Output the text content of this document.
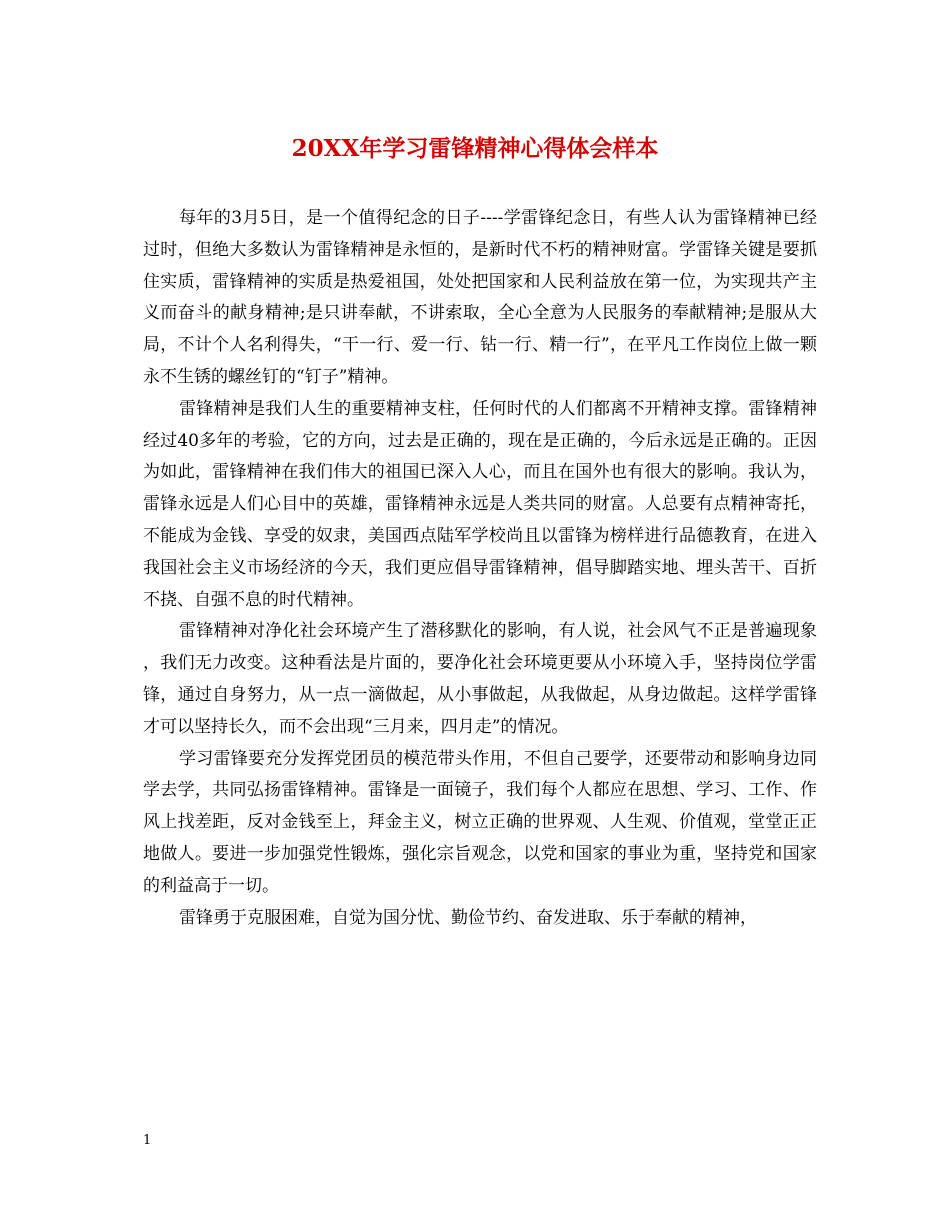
20XX年学习雷锋精神心得体会样本

每年的3月5日，是一个值得纪念的日子----学雷锋纪念日，有些人认为雷锋精神已经过时，但绝大多数认为雷锋精神是永恒的，是新时代不朽的精神财富。学雷锋关键是要抓住实质，雷锋精神的实质是热爱祖国，处处把国家和人民利益放在第一位，为实现共产主义而奋斗的献身精神;是只讲奉献，不讲索取，全心全意为人民服务的奉献精神;是服从大局，不计个人名利得失，“干一行、爱一行、钻一行、精一行”，在平凡工作岗位上做一颗永不生锈的螺丝钉的“钉子”精神。

雷锋精神是我们人生的重要精神支柱，任何时代的人们都离不开精神支撑。雷锋精神经过40多年的考验，它的方向，过去是正确的，现在是正确的，今后永远是正确的。正因为如此，雷锋精神在我们伟大的祖国已深入人心，而且在国外也有很大的影响。我认为，雷锋永远是人们心目中的英雄，雷锋精神永远是人类共同的财富。人总要有点精神寄托，不能成为金钱、享受的奴隶，美国西点陆军学校尚且以雷锋为榜样进行品德教育，在进入我国社会主义市场经济的今天，我们更应倡导雷锋精神，倡导脚踏实地、埋头苦干、百折不挠、自强不息的时代精神。

雷锋精神对净化社会环境产生了潜移默化的影响，有人说，社会风气不正是普遍现象，我们无力改变。这种看法是片面的，要净化社会环境更要从小环境入手，坚持岗位学雷锋，通过自身努力，从一点一滴做起，从小事做起，从我做起，从身边做起。这样学雷锋才可以坚持长久，而不会出现“三月来，四月走”的情况。

学习雷锋要充分发挥党团员的模范带头作用，不但自己要学，还要带动和影响身边同学去学，共同弘扬雷锋精神。雷锋是一面镜子，我们每个人都应在思想、学习、工作、作风上找差距，反对金钱至上，拜金主义，树立正确的世界观、人生观、价值观，堂堂正正地做人。要进一步加强党性锻炼，强化宗旨观念，以党和国家的事业为重，坚持党和国家的利益高于一切。

雷锋勇于克服困难，自觉为国分忧、勤俭节约、奋发进取、乐于奉献的精神，

1
